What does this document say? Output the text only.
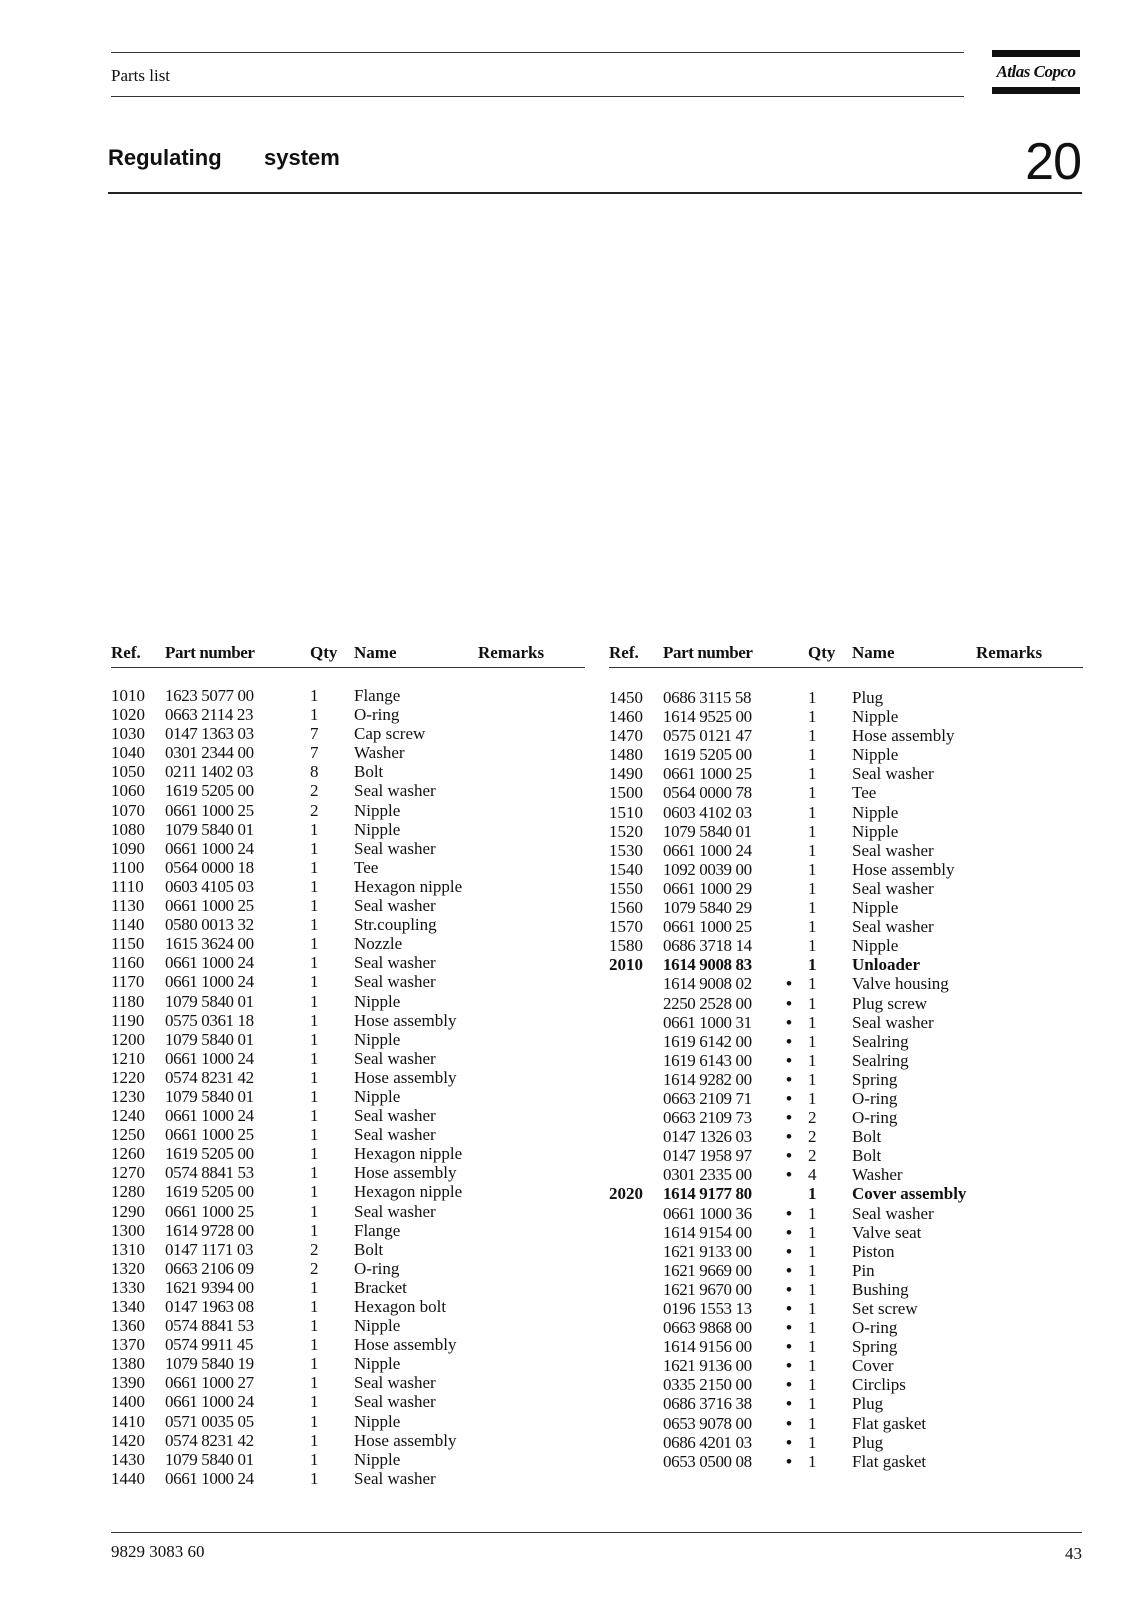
Parts list	Atlas Copco
Regulating system	20
Ref. Part number	Qty Name	Remarks
1010 1623 5077 00	1 Flange
1020 0663 2114 23	1 O-ring
1030 0147 1363 03	7 Cap screw
1040 0301 2344 00	7 Washer
1050 0211 1402 03	8 Bolt
1060 1619 5205 00	2 Seal washer
1070 0661 1000 25	2 Nipple
1080 1079 5840 01	1 Nipple
1090 0661 1000 24	1 Seal washer
1100 0564 0000 18	1 Tee
1110 0603 4105 03	1 Hexagon nipple
1130 0661 1000 25	1 Seal washer
1140 0580 0013 32	1 Str.coupling
1150 1615 3624 00	1 Nozzle
1160 0661 1000 24	1 Seal washer
1170 0661 1000 24	1 Seal washer
1180 1079 5840 01	1 Nipple
1190 0575 0361 18	1 Hose assembly
1200 1079 5840 01	1 Nipple
1210 0661 1000 24	1 Seal washer
1220 0574 8231 42	1 Hose assembly
1230 1079 5840 01	1 Nipple
1240 0661 1000 24	1 Seal washer
1250 0661 1000 25	1 Seal washer
1260 1619 5205 00	1 Hexagon nipple
1270 0574 8841 53	1 Hose assembly
1280 1619 5205 00	1 Hexagon nipple
1290 0661 1000 25	1 Seal washer
1300 1614 9728 00	1 Flange
1310 0147 1171 03	2 Bolt
1320 0663 2106 09	2 O-ring
1330 1621 9394 00	1 Bracket
1340 0147 1963 08	1 Hexagon bolt
1360 0574 8841 53	1 Nipple
1370 0574 9911 45	1 Hose assembly
1380 1079 5840 19	1 Nipple
1390 0661 1000 27	1 Seal washer
1400 0661 1000 24	1 Seal washer
1410 0571 0035 05	1 Nipple
1420 0574 8231 42	1 Hose assembly
1430 1079 5840 01	1 Nipple
1440 0661 1000 24	1 Seal washer
Ref. Part number	Qty Name	Remarks
1450 0686 3115 58	1 Plug
1460 1614 9525 00	1 Nipple
1470 0575 0121 47	1 Hose assembly
1480 1619 5205 00	1 Nipple
1490 0661 1000 25	1 Seal washer
1500 0564 0000 78	1 Tee
1510 0603 4102 03	1 Nipple
1520 1079 5840 01	1 Nipple
1530 0661 1000 24	1 Seal washer
1540 1092 0039 00	1 Hose assembly
1550 0661 1000 29	1 Seal washer
1560 1079 5840 29	1 Nipple
1570 0661 1000 25	1 Seal washer
1580 0686 3718 14	1 Nipple
2010 1614 9008 83	1 Unloader
1614 9008 02 • 1 Valve housing
2250 2528 00 • 1 Plug screw
0661 1000 31 • 1 Seal washer
1619 6142 00 • 1 Sealring
1619 6143 00 • 1 Sealring
1614 9282 00 • 1 Spring
0663 2109 71 • 1 O-ring
0663 2109 73 • 2 O-ring
0147 1326 03 • 2 Bolt
0147 1958 97 • 2 Bolt
0301 2335 00 • 4 Washer
2020 1614 9177 80	1 Cover assembly
0661 1000 36 • 1 Seal washer
1614 9154 00 • 1 Valve seat
1621 9133 00 • 1 Piston
1621 9669 00 • 1 Pin
1621 9670 00 • 1 Bushing
0196 1553 13 • 1 Set screw
0663 9868 00 • 1 O-ring
1614 9156 00 • 1 Spring
1621 9136 00 • 1 Cover
0335 2150 00 • 1 Circlips
0686 3716 38 • 1 Plug
0653 9078 00 • 1 Flat gasket
0686 4201 03 • 1 Plug
0653 0500 08 • 1 Flat gasket
9829 3083 60	43
